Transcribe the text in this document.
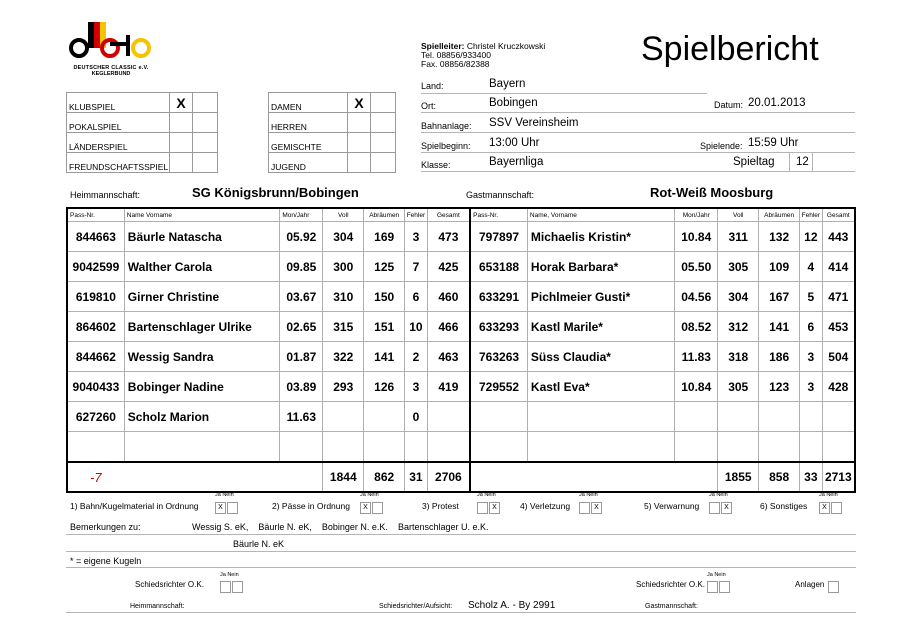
DEUTSCHER CLASSIC e.V.
KEGLERBUND
Spielleiter: Christel Kruczkowski
Tel. 08856/933400
Fax. 08856/82388	Spielbericht
KLUBSPIEL	X	
POKALSPIEL		
LÄNDERSPIEL		
FREUNDSCHAFTSSPIEL		
DAMEN	X	
HERREN		
GEMISCHTE		
JUGEND		
Land:	Bayern
Ort:	Bobingen	Datum: 20.01.2013
Bahnanlage: SSV Vereinsheim
Spielbeginn: 13:00 Uhr	Spielende: 15:59 Uhr
Klasse:	Bayernliga	Spieltag 12
Heimmannschaft:	SG Königsbrunn/Bobingen	Gastmannschaft:	Rot-Weiß Moosburg
Pass-Nr.	Name Vorname	Mon/Jahr	Voll	Abräumen	Fehler	Gesamt	Pass-Nr.	Name, Vorname	Mon/Jahr	Voll	Abräumen	Fehler	Gesamt
844663	Bäurle Natascha	05.92	304	169	3	473	797897	Michaelis Kristin*	10.84	311	132	12	443
9042599	Walther Carola	09.85	300	125	7	425	653188	Horak Barbara*	05.50	305	109	4	414
619810	Girner Christine	03.67	310	150	6	460	633291	Pichlmeier Gusti*	04.56	304	167	5	471
864602	Bartenschlager Ulrike	02.65	315	151	10	466	633293	Kastl Marile*	08.52	312	141	6	453
844662	Wessig Sandra	01.87	322	141	2	463	763263	Süss Claudia*	11.83	318	186	3	504
9040433	Bobinger Nadine	03.89	293	126	3	419	729552	Kastl Eva*	10.84	305	123	3	428
627260	Scholz Marion	11.63			0								

-7			1844	862	31	2706				1855	858	33	2713
1) Bahn/Kugelmaterial in Ordnung
Ja Nein
X	2) Pässe in Ordnung
Ja Nein
X	3) Protest
Ja Nein
X	4) Verletzung
Ja Nein
X	5) Verwarnung
Ja Nein
X	6) Sonstiges
Ja Nein
X
Bemerkungen zu:	Wessig S. eK, Bäurle N. eK, Bobinger N. e.K. Bartenschlager U. e.K.
Bäurle N. eK
* = eigene Kugeln
Ja Nein
Schiedsrichter O.K.
Ja Nein
Schiedsrichter O.K.	Anlagen
Heimmannschaft:	Schiedsrichter/Aufsicht: Scholz A. - By 2991	Gastmannschaft:
